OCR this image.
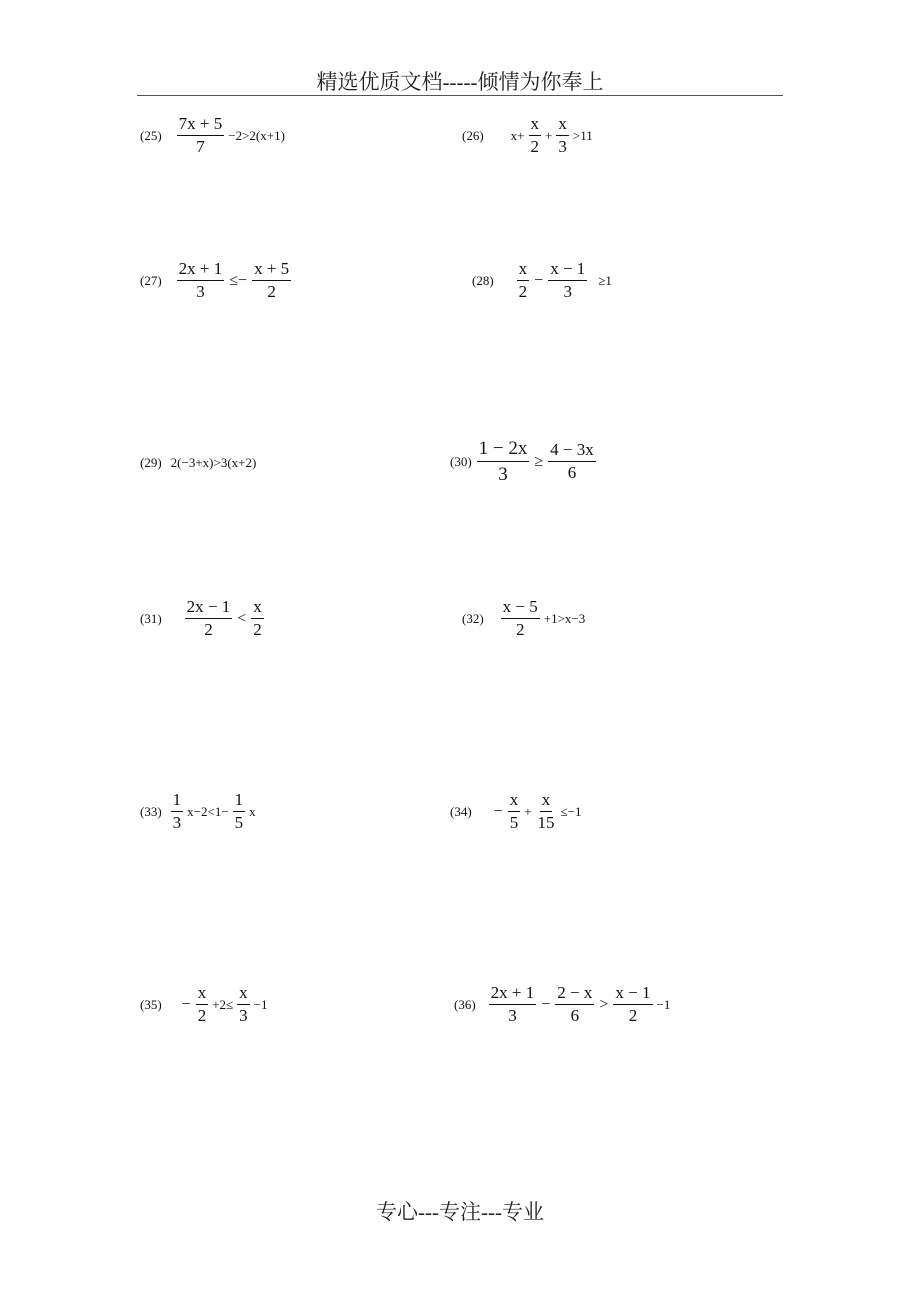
精选优质文档-----倾情为你奉上
$(25) \frac{7x + 5}{7} -2>2(x+1)$	(26) $x+ \frac{x}{2} + \frac{x}{3} >11$
$(27) \frac{2x + 1}{3} \le- \frac{x + 5}{2}$	$(28) \frac{x}{2} - \frac{x - 1}{3} \ge 1$
(29) 2(−3+x)>3(x+2)	$(30) \frac{1 - 2x}{3} \ge \frac{4 - 3x}{6}$
$(31) \frac{2x - 1}{2} < \frac{x}{2}$	$(32) \frac{x - 5}{2} +1>x-3$
$(33) \frac{1}{3} x-2<1- \frac{1}{5}$ x	$(34) - \frac{x}{5} + \frac{x}{15} \le-1$
$(35) - \frac{x}{2} +2\le \frac{x}{3} -1$	$(36) \frac{2x + 1}{3} - \frac{2 - x}{6} > \frac{x - 1}{2} -1$
专心---专注---专业
